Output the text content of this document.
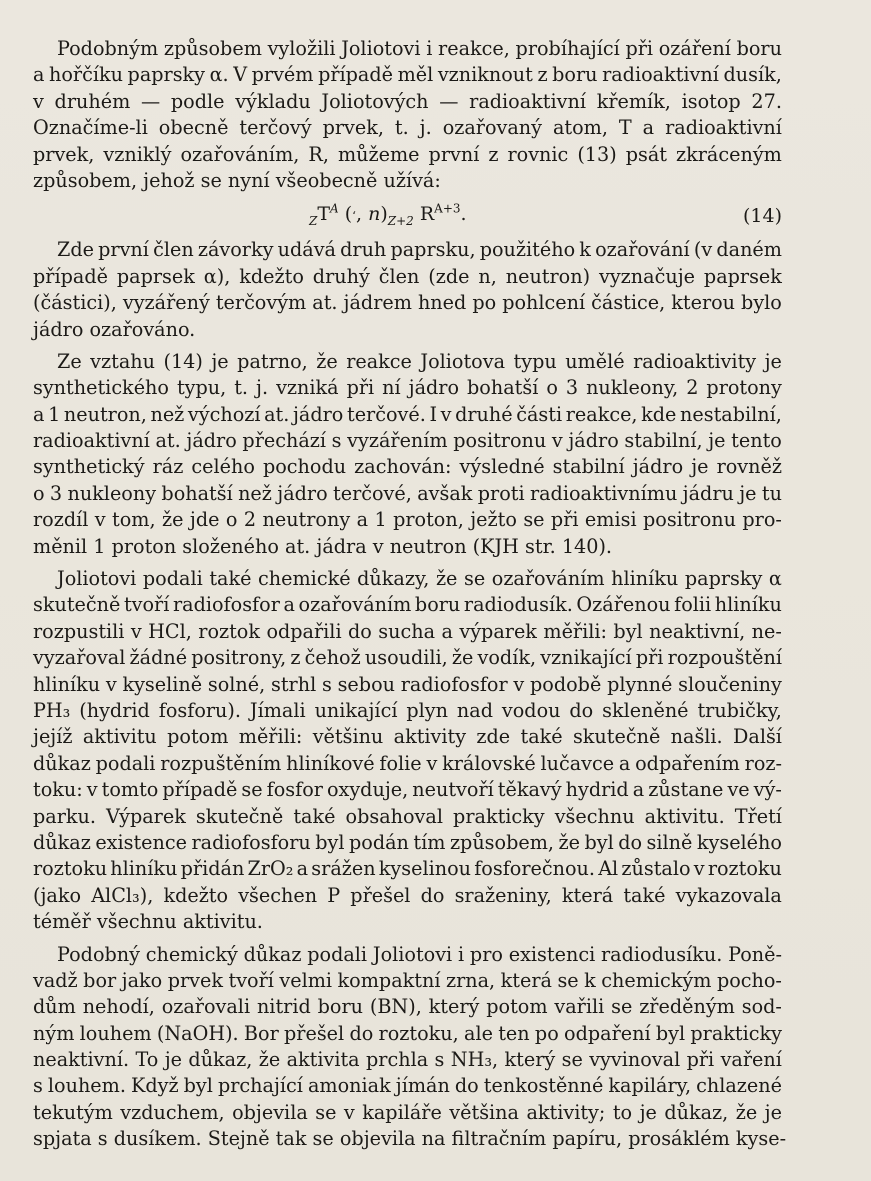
Podobným způsobem vyložili Joliotovi i reakce, probíhající při ozáření boru
a hořčíku paprsky α. V prvém případě měl vzniknout z boru radioaktivní dusík,
v druhém — podle výkladu Joliotových — radioaktivní křemík, isotop 27.
Označíme-li obecně terčový prvek, t. j. ozařovaný atom, T a radioaktivní
prvek, vzniklý ozařováním, R, můžeme první z rovnic (13) psát zkráceným
způsobem, jehož se nyní všeobecně užívá:
$_ZT^A$ (‘, $n)_{Z+2}$ $R^{A+3}$.	(14)
Zde první člen závorky udává druh paprsku, použitého k ozařování (v daném
případě paprsek α), kdežto druhý člen (zde n, neutron) vyznačuje paprsek
(částici), vyzářený terčovým at. jádrem hned po pohlcení částice, kterou bylo
jádro ozařováno.
Ze vztahu (14) je patrno, že reakce Joliotova typu umělé radioaktivity je
synthetického typu, t. j. vzniká při ní jádro bohatší o 3 nukleony, 2 protony
a 1 neutron, než výchozí at. jádro terčové. I v druhé části reakce, kde nestabilní,
radioaktivní at. jádro přechází s vyzářením positronu v jádro stabilní, je tento
synthetický ráz celého pochodu zachován: výsledné stabilní jádro je rovněž
o 3 nukleony bohatší než jádro terčové, avšak proti radioaktivnímu jádru je tu
rozdíl v tom, že jde o 2 neutrony a 1 proton, ježto se při emisi positronu pro-
měnil 1 proton složeného at. jádra v neutron (KJH str. 140).
Joliotovi podali také chemické důkazy, že se ozařováním hliníku paprsky α
skutečně tvoří radiofosfor a ozařováním boru radiodusík. Ozářenou folii hliníku
rozpustili v HCl, roztok odpařili do sucha a výparek měřili: byl neaktivní, ne-
vyzařoval žádné positrony, z čehož usoudili, že vodík, vznikající při rozpouštění
hliníku v kyselině solné, strhl s sebou radiofosfor v podobě plynné sloučeniny
PH₃ (hydrid fosforu). Jímali unikající plyn nad vodou do skleněné trubičky,
jejíž aktivitu potom měřili: většinu aktivity zde také skutečně našli. Další
důkaz podali rozpuštěním hliníkové folie v královské lučavce a odpařením roz-
toku: v tomto případě se fosfor oxyduje, neutvoří těkavý hydrid a zůstane ve vý-
parku. Výparek skutečně také obsahoval prakticky všechnu aktivitu. Třetí
důkaz existence radiofosforu byl podán tím způsobem, že byl do silně kyselého
roztoku hliníku přidán ZrO₂ a srážen kyselinou fosforečnou. Al zůstalo v roztoku
(jako AlCl₃), kdežto všechen P přešel do sraženiny, která také vykazovala
téměř všechnu aktivitu.
Podobný chemický důkaz podali Joliotovi i pro existenci radiodusíku. Poně-
vadž bor jako prvek tvoří velmi kompaktní zrna, která se k chemickým pocho-
dům nehodí, ozařovali nitrid boru (BN), který potom vařili se zředěným sod-
ným louhem (NaOH). Bor přešel do roztoku, ale ten po odpaření byl prakticky
neaktivní. To je důkaz, že aktivita prchla s NH₃, který se vyvinoval při vaření
s louhem. Když byl prchající amoniak jímán do tenkostěnné kapiláry, chlazené
tekutým vzduchem, objevila se v kapiláře většina aktivity; to je důkaz, že je
spjata s dusíkem. Stejně tak se objevila na filtračním papíru, prosáklém kyse-
